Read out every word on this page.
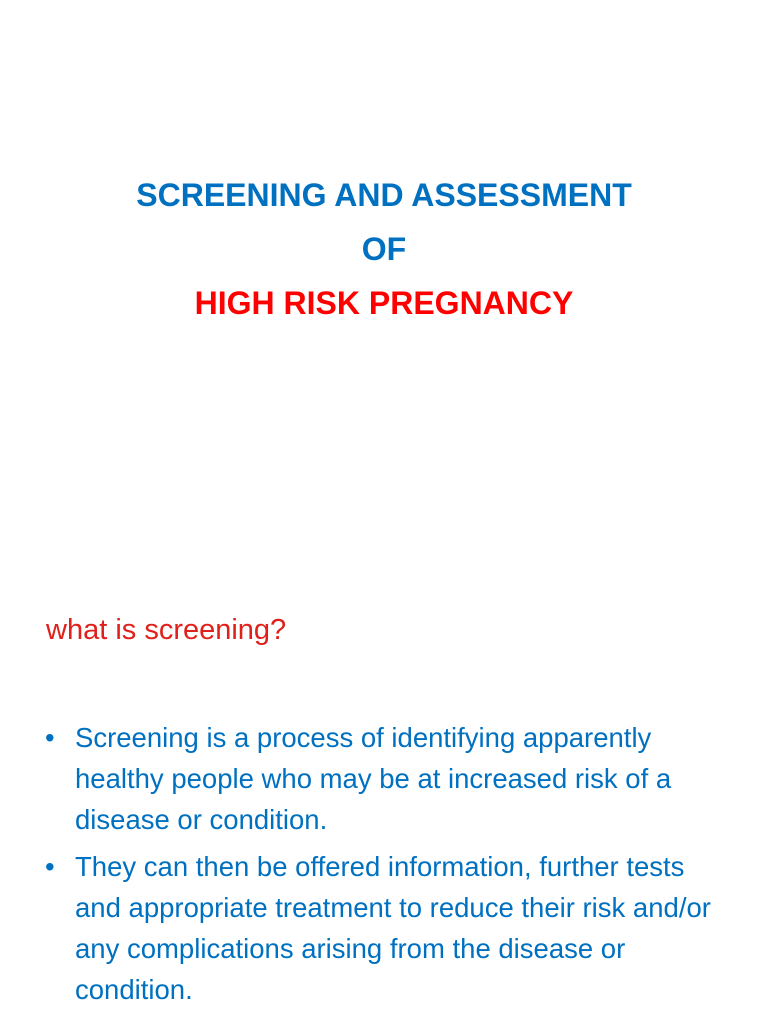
SCREENING AND ASSESSMENT
OF
HIGH RISK PREGNANCY
what is screening?
• Screening is a process of identifying apparently healthy people who may be at increased risk of a disease or condition.
• They can then be offered information, further tests and appropriate treatment to reduce their risk and/or any complications arising from the disease or condition.
